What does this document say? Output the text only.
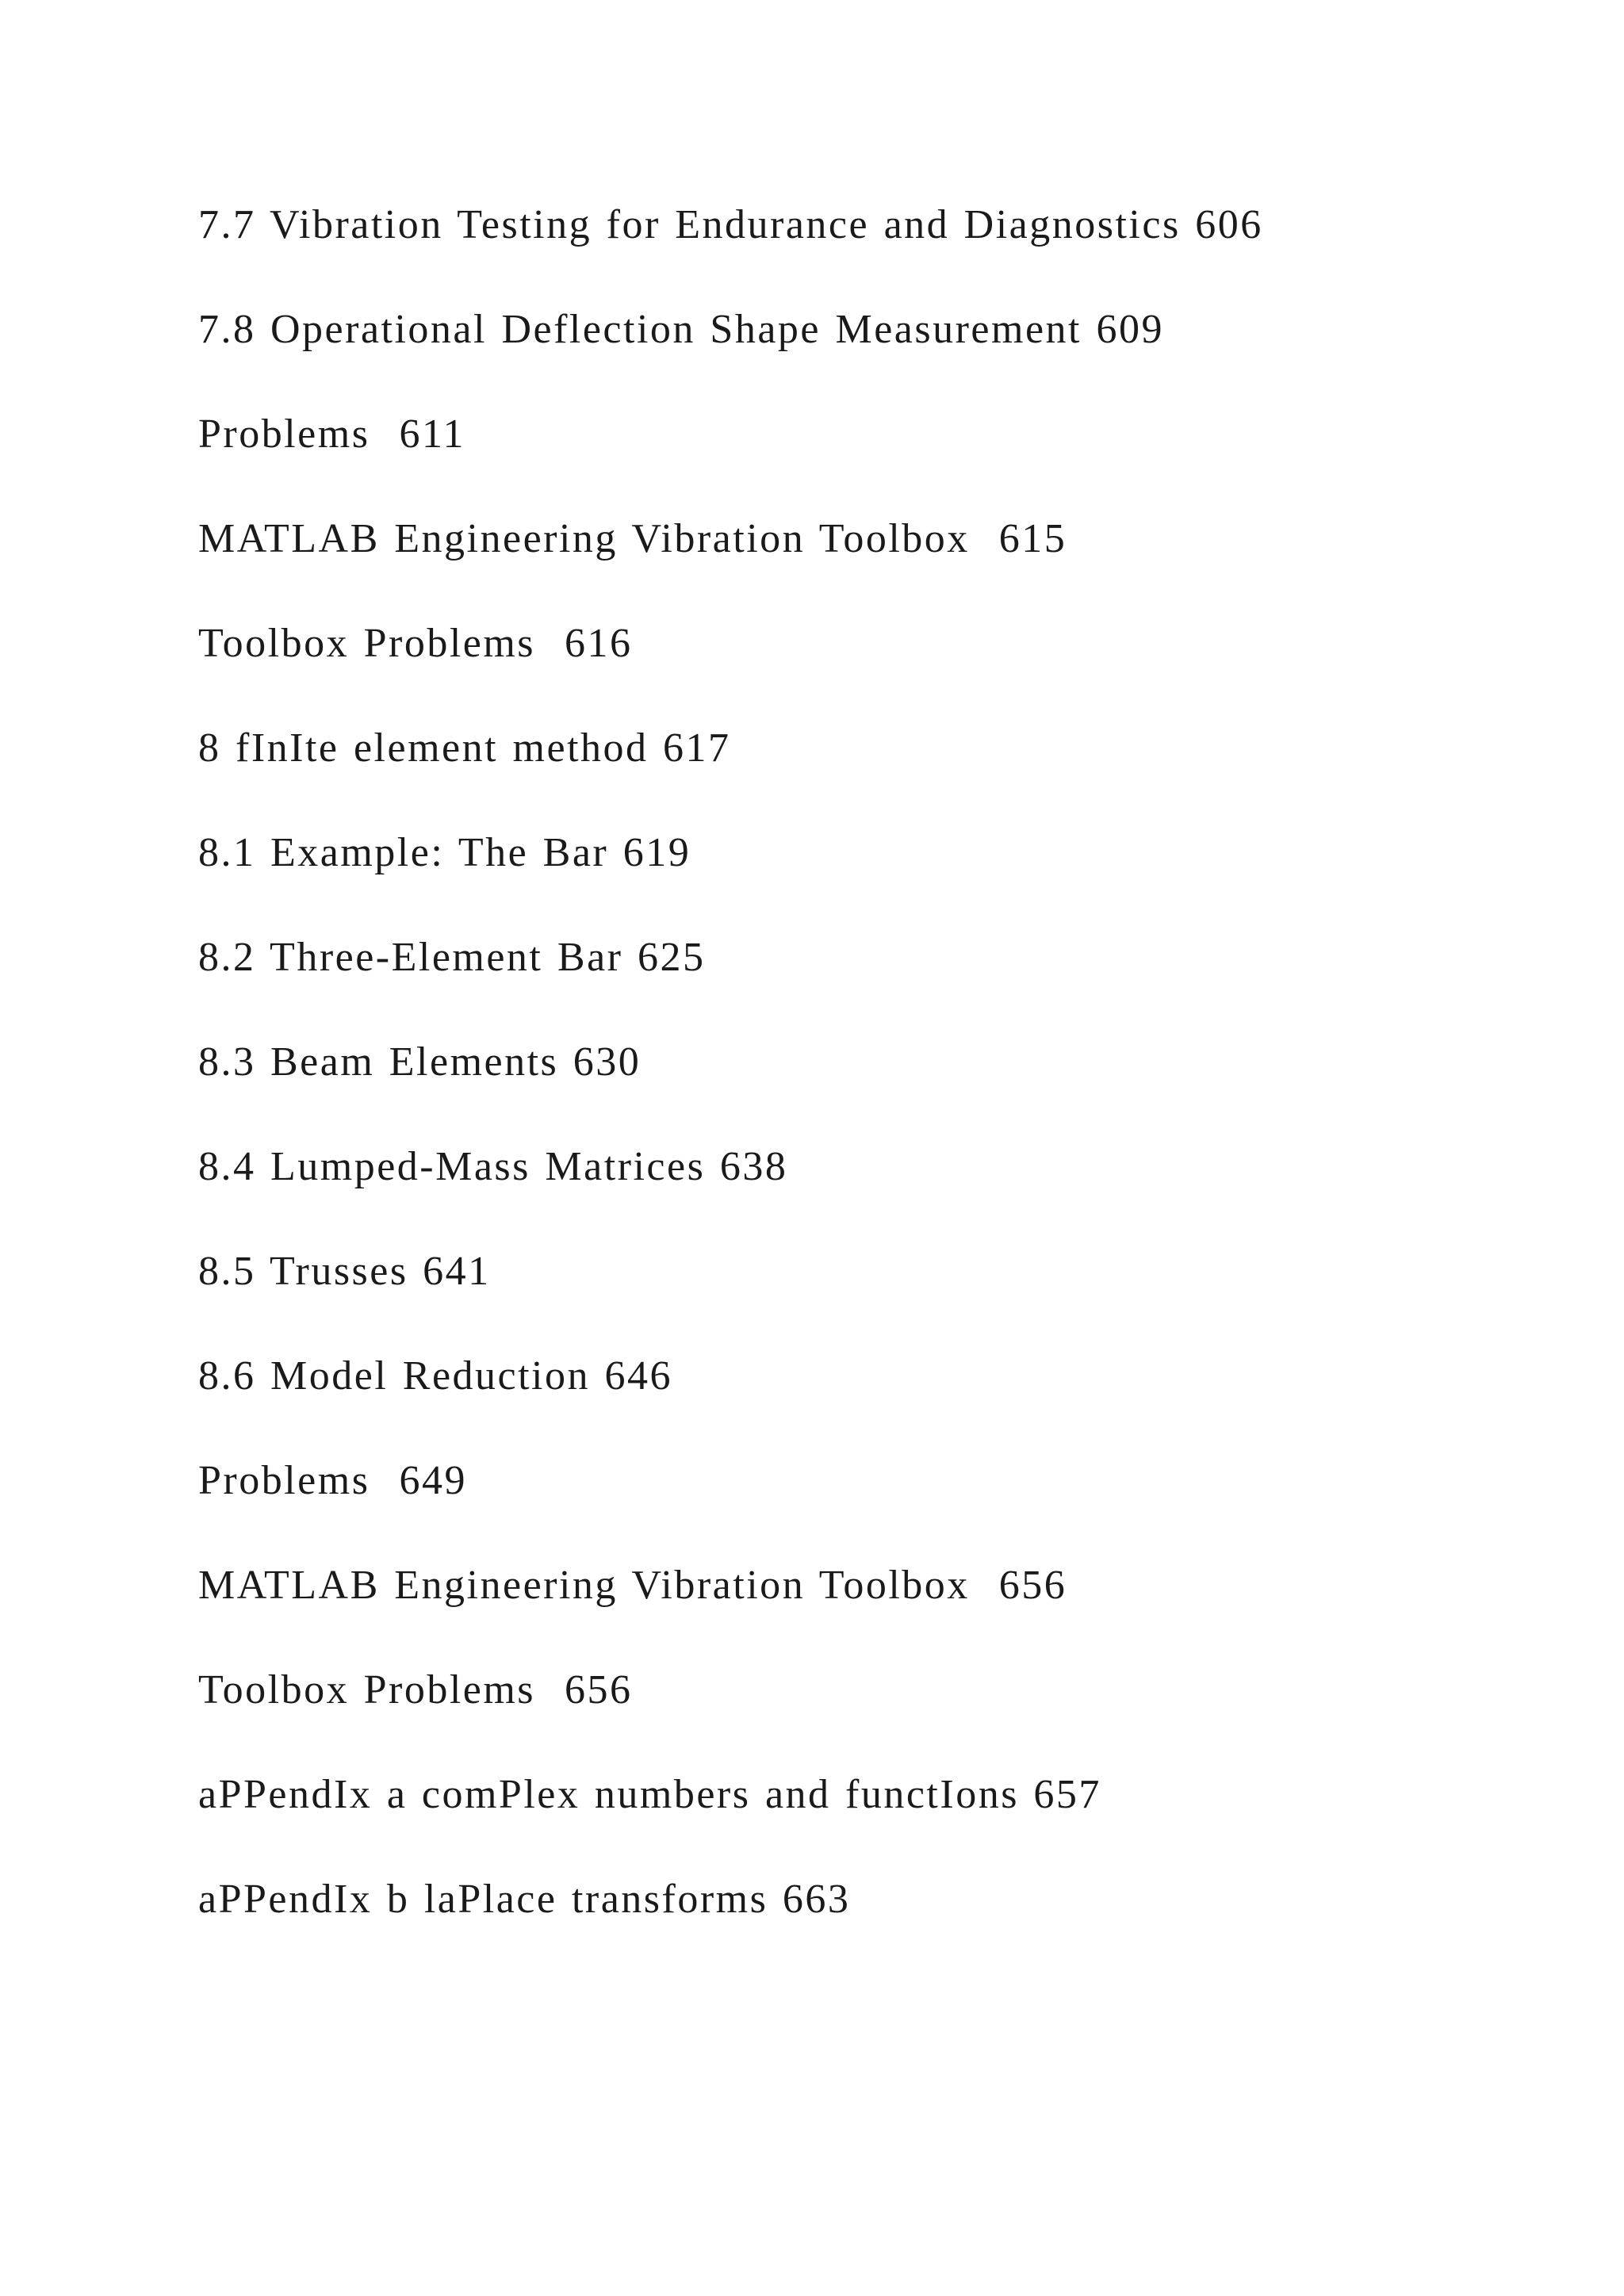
7.7 Vibration Testing for Endurance and Diagnostics 606
7.8 Operational Deflection Shape Measurement 609
Problems  611
MATLAB Engineering Vibration Toolbox  615
Toolbox Problems  616
8 fInIte element method 617
8.1 Example: The Bar 619
8.2 Three-Element Bar 625
8.3 Beam Elements 630
8.4 Lumped-Mass Matrices 638
8.5 Trusses 641
8.6 Model Reduction 646
Problems  649
MATLAB Engineering Vibration Toolbox  656
Toolbox Problems  656
aPPendIx a comPlex numbers and functIons 657
aPPendIx b laPlace transforms 663
